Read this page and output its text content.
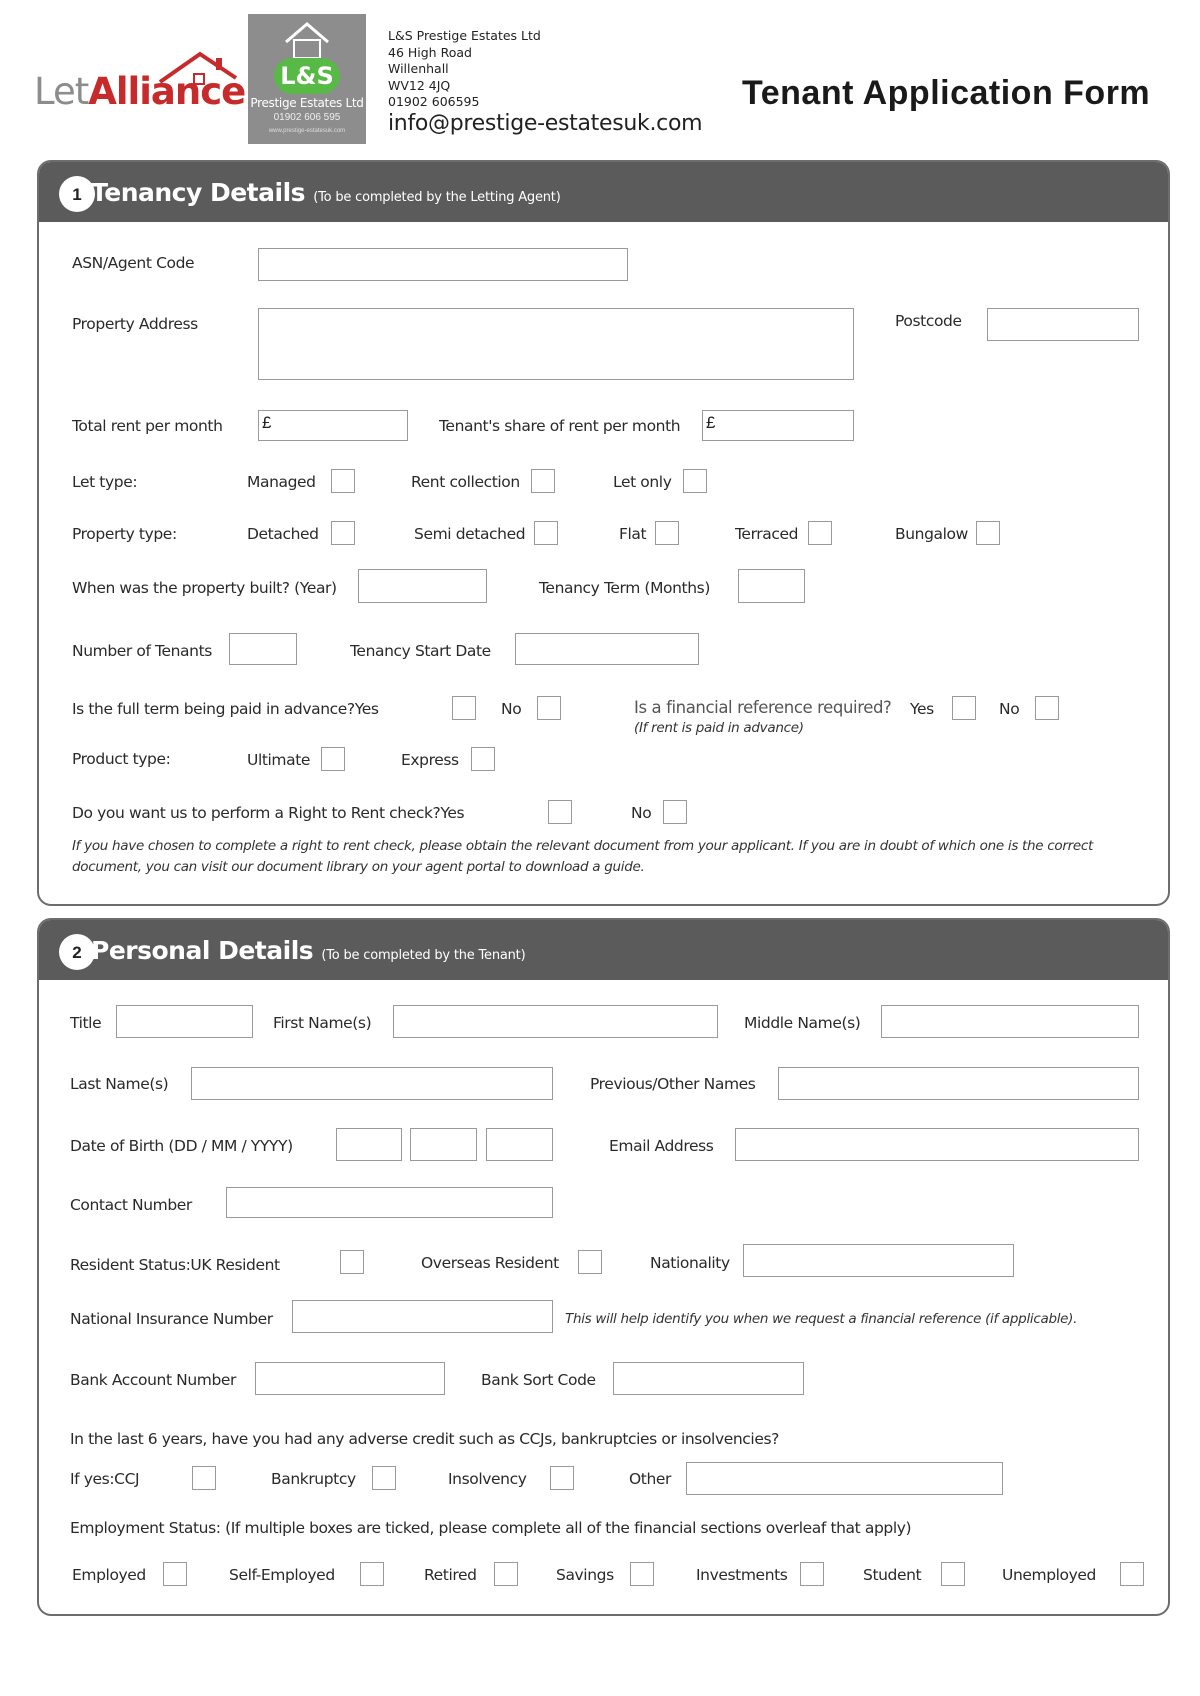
LetAlliance L&S
Prestige Estates Ltd
01902 606 595
www.prestige-estatesuk.com
L&S Prestige Estates Ltd
46 High Road
Willenhall
WV12 4JQ
01902 606595
info@prestige-estatesuk.com
Tenant Application Form
1 Tenancy Details (To be completed by the Letting Agent)
ASN/Agent Code
Property Address	Postcode
Total rent per month £	Tenant's share of rent per month £
Let type:	Managed	Rent collection	Let only
Property type:	Detached	Semi detached	Flat	Terraced	Bungalow
When was the property built? (Year)	Tenancy Term (Months)
Number of Tenants	Tenancy Start Date
Is the full term being paid in advance?Yes	No	Is a financial reference required?
(If rent is paid in advance)
Yes	No
Product type:	Ultimate	Express
Do you want us to perform a Right to Rent check?Yes	No
If you have chosen to complete a right to rent check, please obtain the relevant document from your applicant. If you are in doubt of which one is the correct
document, you can visit our document library on your agent portal to download a guide.
2 Personal Details (To be completed by the Tenant)
Title	First Name(s)	Middle Name(s)
Last Name(s)	Previous/Other Names
Date of Birth (DD / MM / YYYY)	Email Address
Contact Number
Resident Status:UK Resident	Overseas Resident	Nationality
National Insurance Number	This will help identify you when we request a financial reference (if applicable).
Bank Account Number	Bank Sort Code
In the last 6 years, have you had any adverse credit such as CCJs, bankruptcies or insolvencies?
If yes:CCJ	Bankruptcy	Insolvency	Other
Employment Status: (If multiple boxes are ticked, please complete all of the financial sections overleaf that apply)
Employed	Self-Employed	Retired	Savings	Investments	Student	Unemployed
